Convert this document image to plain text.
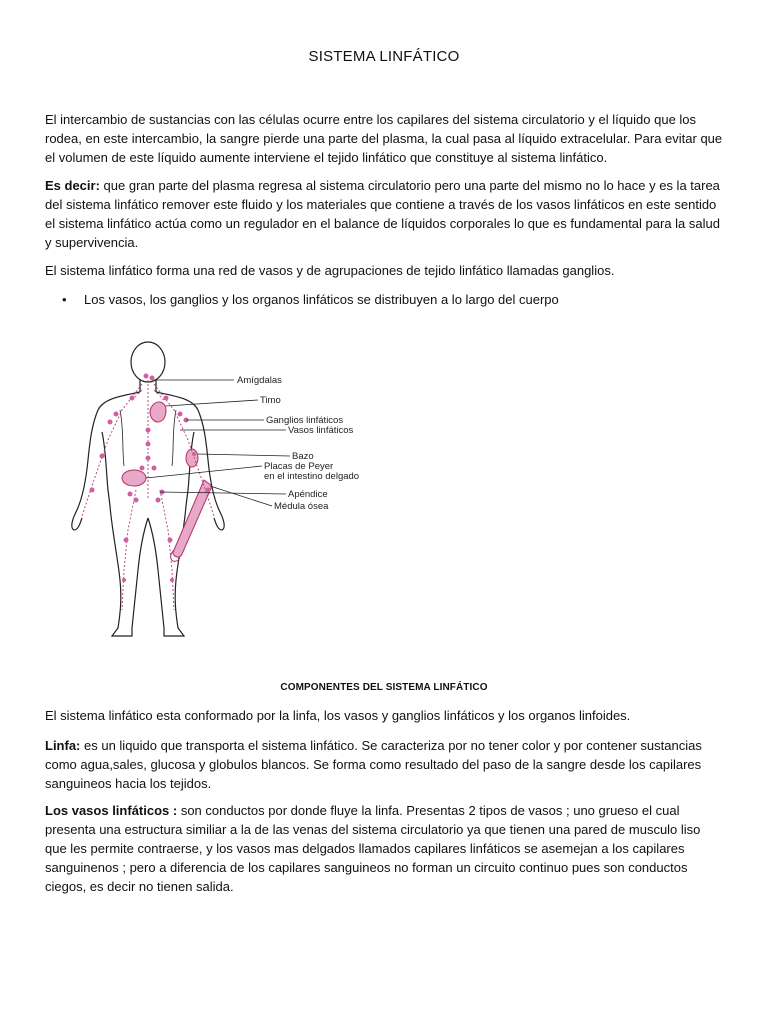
SISTEMA LINFÁTICO
El intercambio de sustancias con las células ocurre entre los capilares del sistema circulatorio y el líquido que los rodea, en este intercambio, la sangre pierde una parte del plasma, la cual pasa al líquido extracelular. Para evitar que el volumen de este líquido aumente interviene el tejido linfático que constituye al sistema linfático.
Es decir: que gran parte del plasma regresa al sistema circulatorio pero una parte del mismo no lo hace y es la tarea del sistema linfático remover este fluido y los materiales que contiene a través de los vasos linfáticos en este sentido el sistema linfático actúa como un regulador en el balance de líquidos corporales lo que es fundamental para la salud y supervivencia.
El sistema linfático forma una red de vasos y de agrupaciones de tejido linfático llamadas ganglios.
• Los vasos, los ganglios y los organos linfáticos se distribuyen a lo largo del cuerpo
Amígdalas
Timo
Ganglios linfáticos
Vasos linfáticos
Bazo
Placas de Peyer
en el intestino delgado
Apéndice
Médula ósea
COMPONENTES DEL SISTEMA LINFÁTICO
El sistema linfático esta conformado por la linfa, los vasos y ganglios linfáticos y los organos linfoides.
Linfa: es un liquido que transporta el sistema linfático. Se caracteriza por no tener color y por contener sustancias como agua,sales, glucosa y globulos blancos. Se forma como resultado del paso de la sangre desde los capilares sanguineos hacia los tejidos.
Los vasos linfáticos : son conductos por donde fluye la linfa. Presentas 2 tipos de vasos ; uno grueso el cual presenta una estructura similiar a la de las venas del sistema circulatorio ya que tienen una pared de musculo liso que les permite contraerse, y los vasos mas delgados llamados capilares linfáticos se asemejan a los capilares sanguinenos ; pero a diferencia de los capilares sanguineos no forman un circuito continuo pues son conductos ciegos, es decir no tienen salida.
